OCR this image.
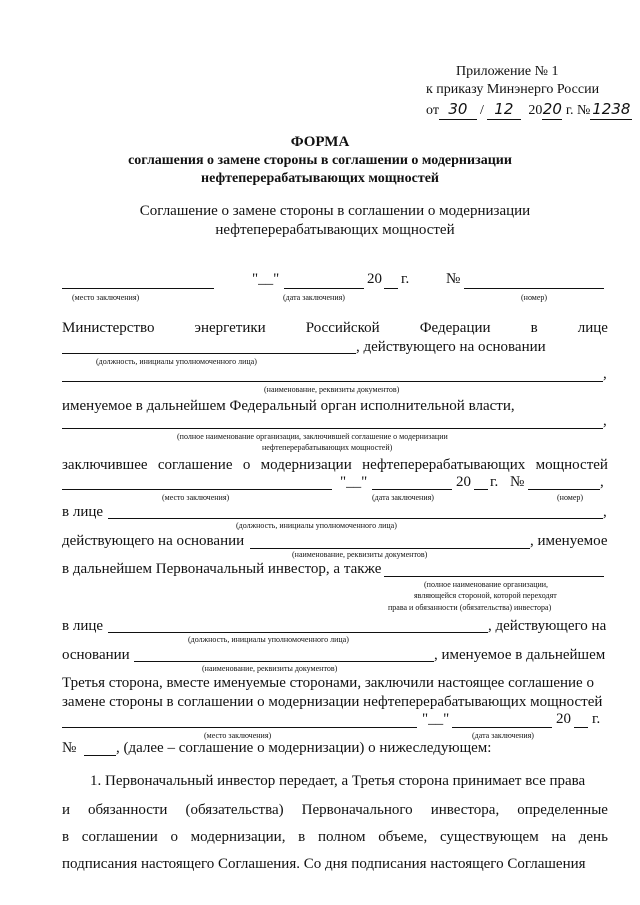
Приложение № 1
к приказу Минэнерго России
от 30 / 12 2020 г. № 1238
ФОРМА
соглашения о замене стороны в соглашении о модернизации
нефтеперерабатывающих мощностей
Соглашение о замене стороны в соглашении о модернизации
нефтеперерабатывающих мощностей
"__"	20 г. №
(место заключения)	(дата заключения)	(номер)
Министерство	энергетики	Российской	Федерации	в	лице
, действующего на основании
(должность, инициалы уполномоченного лица)
,
(наименование, реквизиты документов)
именуемое в дальнейшем Федеральный орган исполнительной власти,
,
(полное наименование организации, заключившей соглашение о модернизации
нефтеперерабатывающих мощностей)
заключившее соглашение о модернизации нефтеперерабатывающих мощностей
"__"	20 г. №	,
(место заключения)	(дата заключения)	(номер)
в лице	,
(должность, инициалы уполномоченного лица)
действующего на основании	, именуемое
(наименование, реквизиты документов)
в дальнейшем Первоначальный инвестор, а также
(полное наименование организации,
являющейся стороной, которой переходят
права и обязанности (обязательства) инвестора)
в лице	, действующего на
(должность, инициалы уполномоченного лица)
основании	, именуемое в дальнейшем
(наименование, реквизиты документов)
Третья сторона, вместе именуемые сторонами, заключили настоящее соглашение о
замене стороны в соглашении о модернизации нефтеперерабатывающих мощностей
"__"	20 г.
(место заключения)	(дата заключения)
№	, (далее – соглашение о модернизации) о нижеследующем:
1. Первоначальный инвестор передает, а Третья сторона принимает все права
и обязанности (обязательства) Первоначального инвестора, определенные
в соглашении о модернизации, в полном объеме, существующем на день
подписания настоящего Соглашения. Со дня подписания настоящего Соглашения
